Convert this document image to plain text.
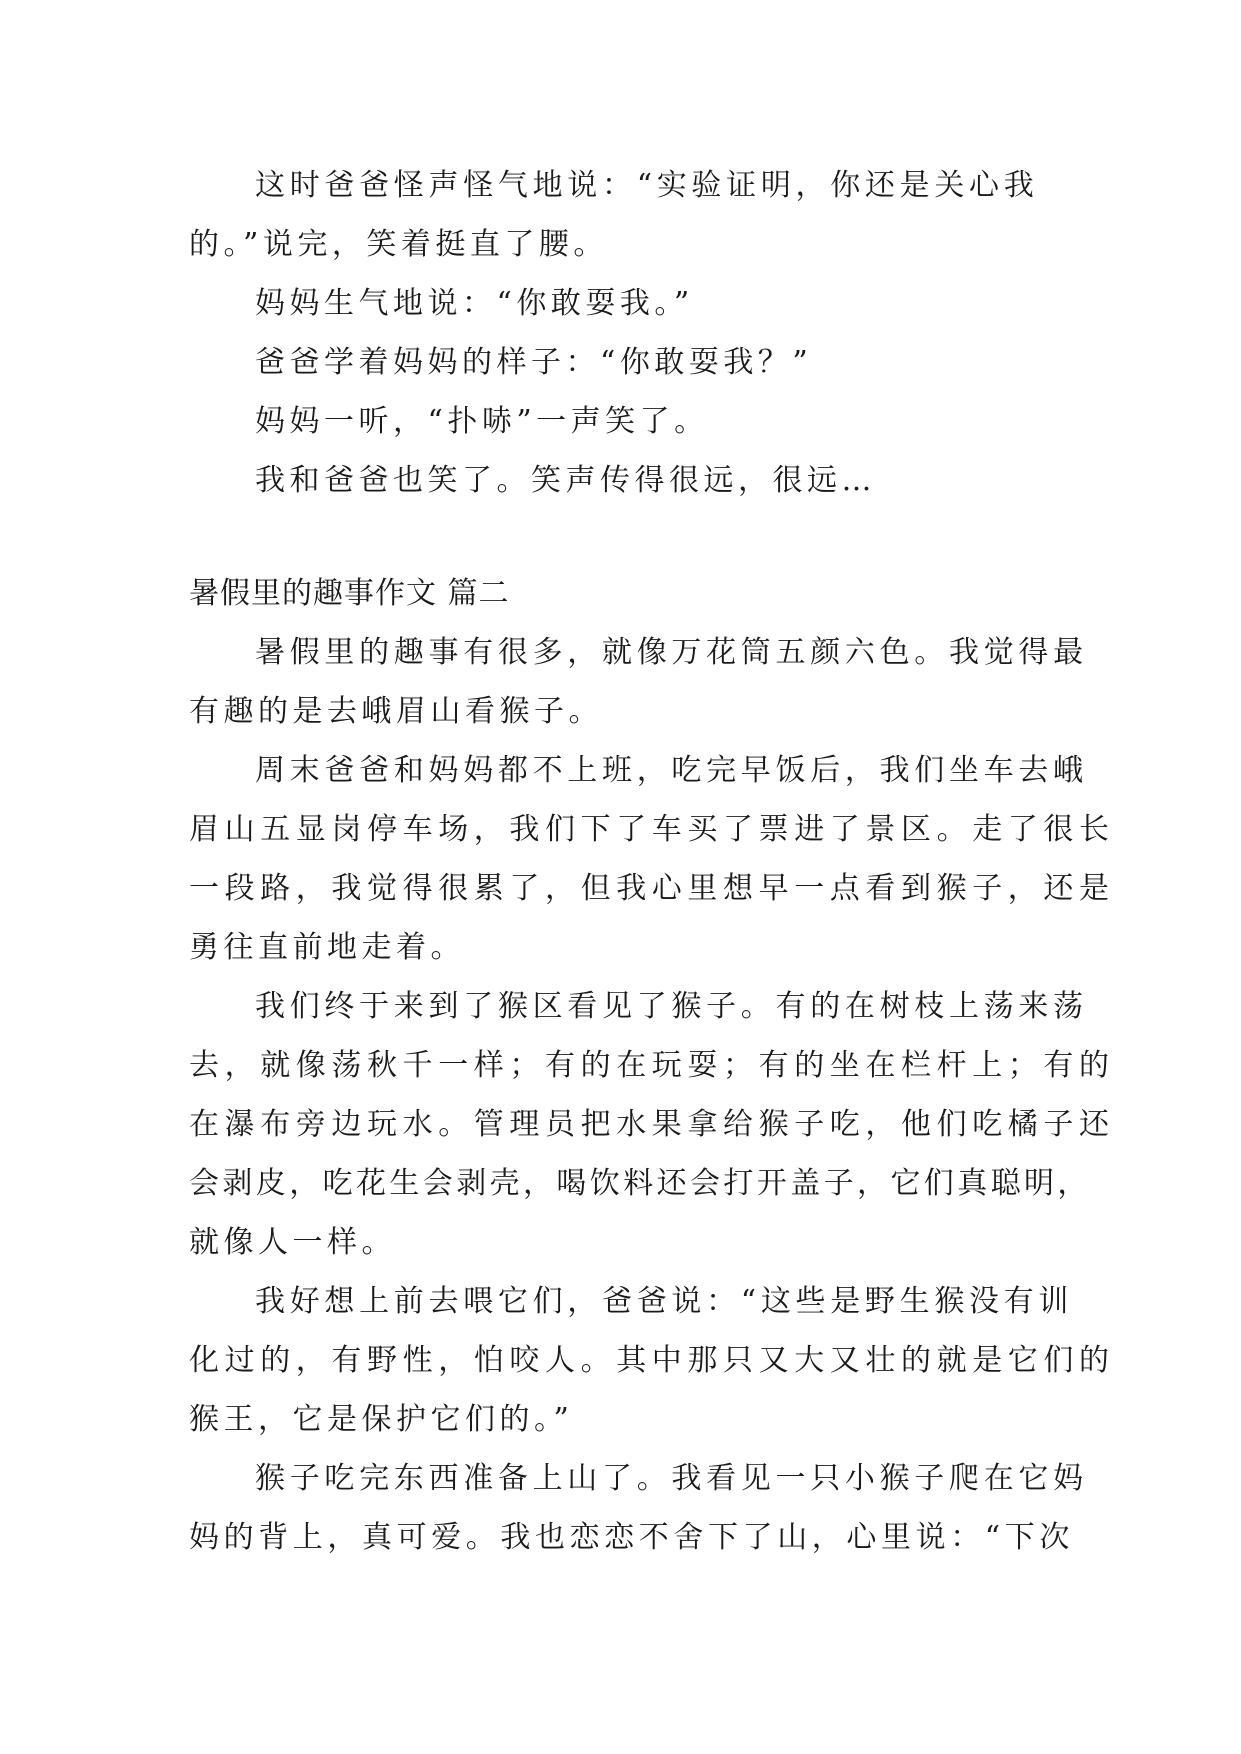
这时爸爸怪声怪气地说：“实验证明，你还是关心我

的。”说完，笑着挺直了腰。

妈妈生气地说：“你敢耍我。”

爸爸学着妈妈的样子：“你敢耍我？”

妈妈一听，“扑哧”一声笑了。

我和爸爸也笑了。笑声传得很远，很远…

暑假里的趣事作文 篇二

暑假里的趣事有很多，就像万花筒五颜六色。我觉得最

有趣的是去峨眉山看猴子。

周末爸爸和妈妈都不上班，吃完早饭后，我们坐车去峨

眉山五显岗停车场，我们下了车买了票进了景区。走了很长

一段路，我觉得很累了，但我心里想早一点看到猴子，还是

勇往直前地走着。

我们终于来到了猴区看见了猴子。有的在树枝上荡来荡

去，就像荡秋千一样；有的在玩耍；有的坐在栏杆上；有的

在瀑布旁边玩水。管理员把水果拿给猴子吃，他们吃橘子还

会剥皮，吃花生会剥壳，喝饮料还会打开盖子，它们真聪明，

就像人一样。

我好想上前去喂它们，爸爸说：“这些是野生猴没有训

化过的，有野性，怕咬人。其中那只又大又壮的就是它们的

猴王，它是保护它们的。”

猴子吃完东西准备上山了。我看见一只小猴子爬在它妈

妈的背上，真可爱。我也恋恋不舍下了山，心里说：“下次
